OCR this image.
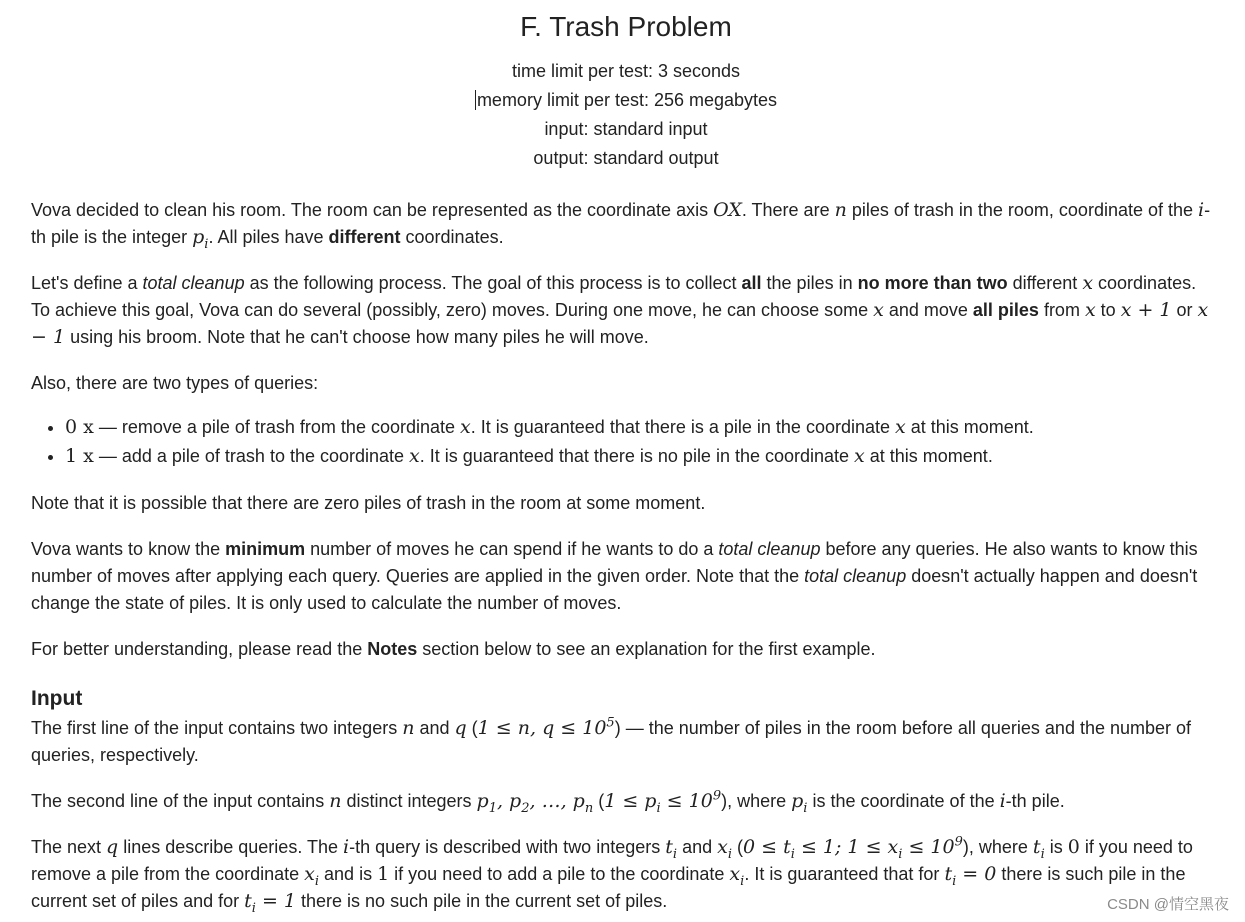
F. Trash Problem
time limit per test: 3 seconds
memory limit per test: 256 megabytes
input: standard input
output: standard output

Vova decided to clean his room. The room can be represented as the coordinate axis OX. There are n piles of trash in the room, coordinate of the i-th pile is the integer $p_i$. All piles have different coordinates.

Let's define a total cleanup as the following process. The goal of this process is to collect all the piles in no more than two different x coordinates. To achieve this goal, Vova can do several (possibly, zero) moves. During one move, he can choose some x and move all piles from x to x + 1 or x − 1 using his broom. Note that he can't choose how many piles he will move.

Also, there are two types of queries:

• 0 x — remove a pile of trash from the coordinate x. It is guaranteed that there is a pile in the coordinate x at this moment.
• 1 x — add a pile of trash to the coordinate x. It is guaranteed that there is no pile in the coordinate x at this moment.

Note that it is possible that there are zero piles of trash in the room at some moment.

Vova wants to know the minimum number of moves he can spend if he wants to do a total cleanup before any queries. He also wants to know this number of moves after applying each query. Queries are applied in the given order. Note that the total cleanup doesn't actually happen and doesn't change the state of piles. It is only used to calculate the number of moves.

For better understanding, please read the Notes section below to see an explanation for the first example.

Input

The first line of the input contains two integers n and q (1 ≤ n, $q \le 10^5$) — the number of piles in the room before all queries and the number of queries, respectively.

The second line of the input contains n distinct integers $p_1$, $p_2$, …, $p_n$ $(1 \le p_i \le 10^9)$, where $p_i$ is the coordinate of the i-th pile.

The next q lines describe queries. The i-th query is described with two integers $t_i$ and $x_i$ ($0 \le t_i \le 1$; $1 \le x_i \le 10^9$), where $t_i$ is 0 if you need to remove a pile from the coordinate $x_i$ and is 1 if you need to add a pile to the coordinate $x_i$. It is guaranteed that for $t_i = 0$ there is such pile in the current set of piles and for $t_i = 1$ there is no such pile in the current set of piles.	CSDN @情空黑夜
